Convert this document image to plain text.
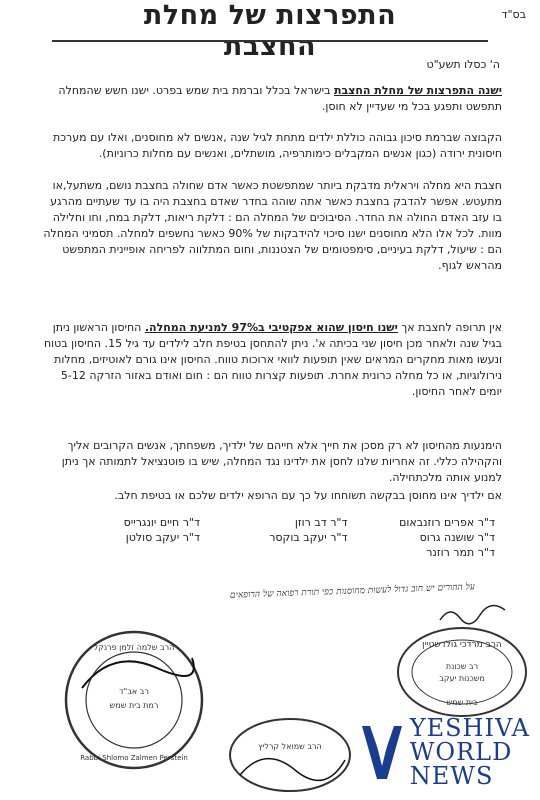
בס"ד
התפרצות של מחלת החצבת
ה' כסלו תשע"ט

ישנה התפרצות של מחלת החצבת בישראל בכלל וברמת בית שמש בפרט. ישנו חשש שהמחלה תתפשט ותפגע בכל מי שעדיין לא חוסן.

הקבוצה שברמת סיכון גבוהה כוללת ילדים מתחת לגיל שנה ,אנשים לא מחוסנים, ואלו עם מערכת חיסונית ירודה (כגון אנשים המקבלים כימותרפיה, מושתלים, ואנשים עם מחלות כרוניות).

חצבת היא מחלה ויראלית מדבקת ביותר שמתפשטת כאשר אדם שחולה בחצבת נושם, משתעל,או מתעטש. אפשר להדבק בחצבת כאשר אתה שוהה בחדר שאדם בחצבת היה בו עד שעתיים מהרגע בו עזב האדם החולה את החדר. הסיבוכים של המחלה הם : דלקת ריאות, דלקת במח, וחו וחלילה מוות. לכל אלו הלא מחוסנים ישנו סיכוי להידבקות של 90% כאשר נחשפים למחלה. תסמיני המחלה הם : שיעול, דלקת בעיניים, סימפטומים של הצטננות, וחום המתלווה לפריחה אופיינית המתפשט מהראש לגוף.

אין תרופה לחצבת אך ישנו חיסון שהוא אפקטיבי ב97% למניעת המחלה. החיסון הראשון ניתן בגיל שנה ולאחר מכן חיסון שני בכיתה א'. ניתן להתחסן בטיפת חלב לילדים עד גיל 15. החיסון בטוח ונעשו מאות מחקרים המראים שאין תופעות לוואי ארוכות טווח. החיסון אינו גורם לאוטיזים, מחלות נירולוגיות, או כל מחלה כרונית אחרת. תופעות קצרות טווח הם : חום ואודם באזור הזרקה 5-12 יומים לאחר החיסון.

הימנעות מהחיסון לא רק מסכן את חייך אלא חייהם של ילדיך, משפחתך, אנשים הקרובים אליך והקהילה כללי. זה אחריות שלנו לחסן את ילדינו נגד המחלה, שיש בו פוטנציאל לתמותה אך ניתן למנוע אותה מלכתחילה.

אם ילדיך אינו מחוסן בבקשה תשוחחו על כך עם הרופא ילדים שלכם או בטיפת חלב.

ד"ר אפרים רוזנבאום
ד"ר דב רוזן
ד"ר חיים יונגרייס
ד"ר שושנה גרוס
ד"ר יעקב בוקסר
ד"ר יעקב סולטן
ד"ר תמר רוזנר
על ההורים יש חוב גדול לעשות מחוסנות כפי תורת רפואה של הרופאים
הרב מרדכי גולדשטיין
רב שכונת
משכנות יעקב
בית שמש
הרב שלמה זלמן פרנקל
רב אב"ד
רמת בית שמש
Rabbi Shlomo Zalmen Perstein
הרב שמואל קרליץ
YESHIVA
WORLD
NEWS
